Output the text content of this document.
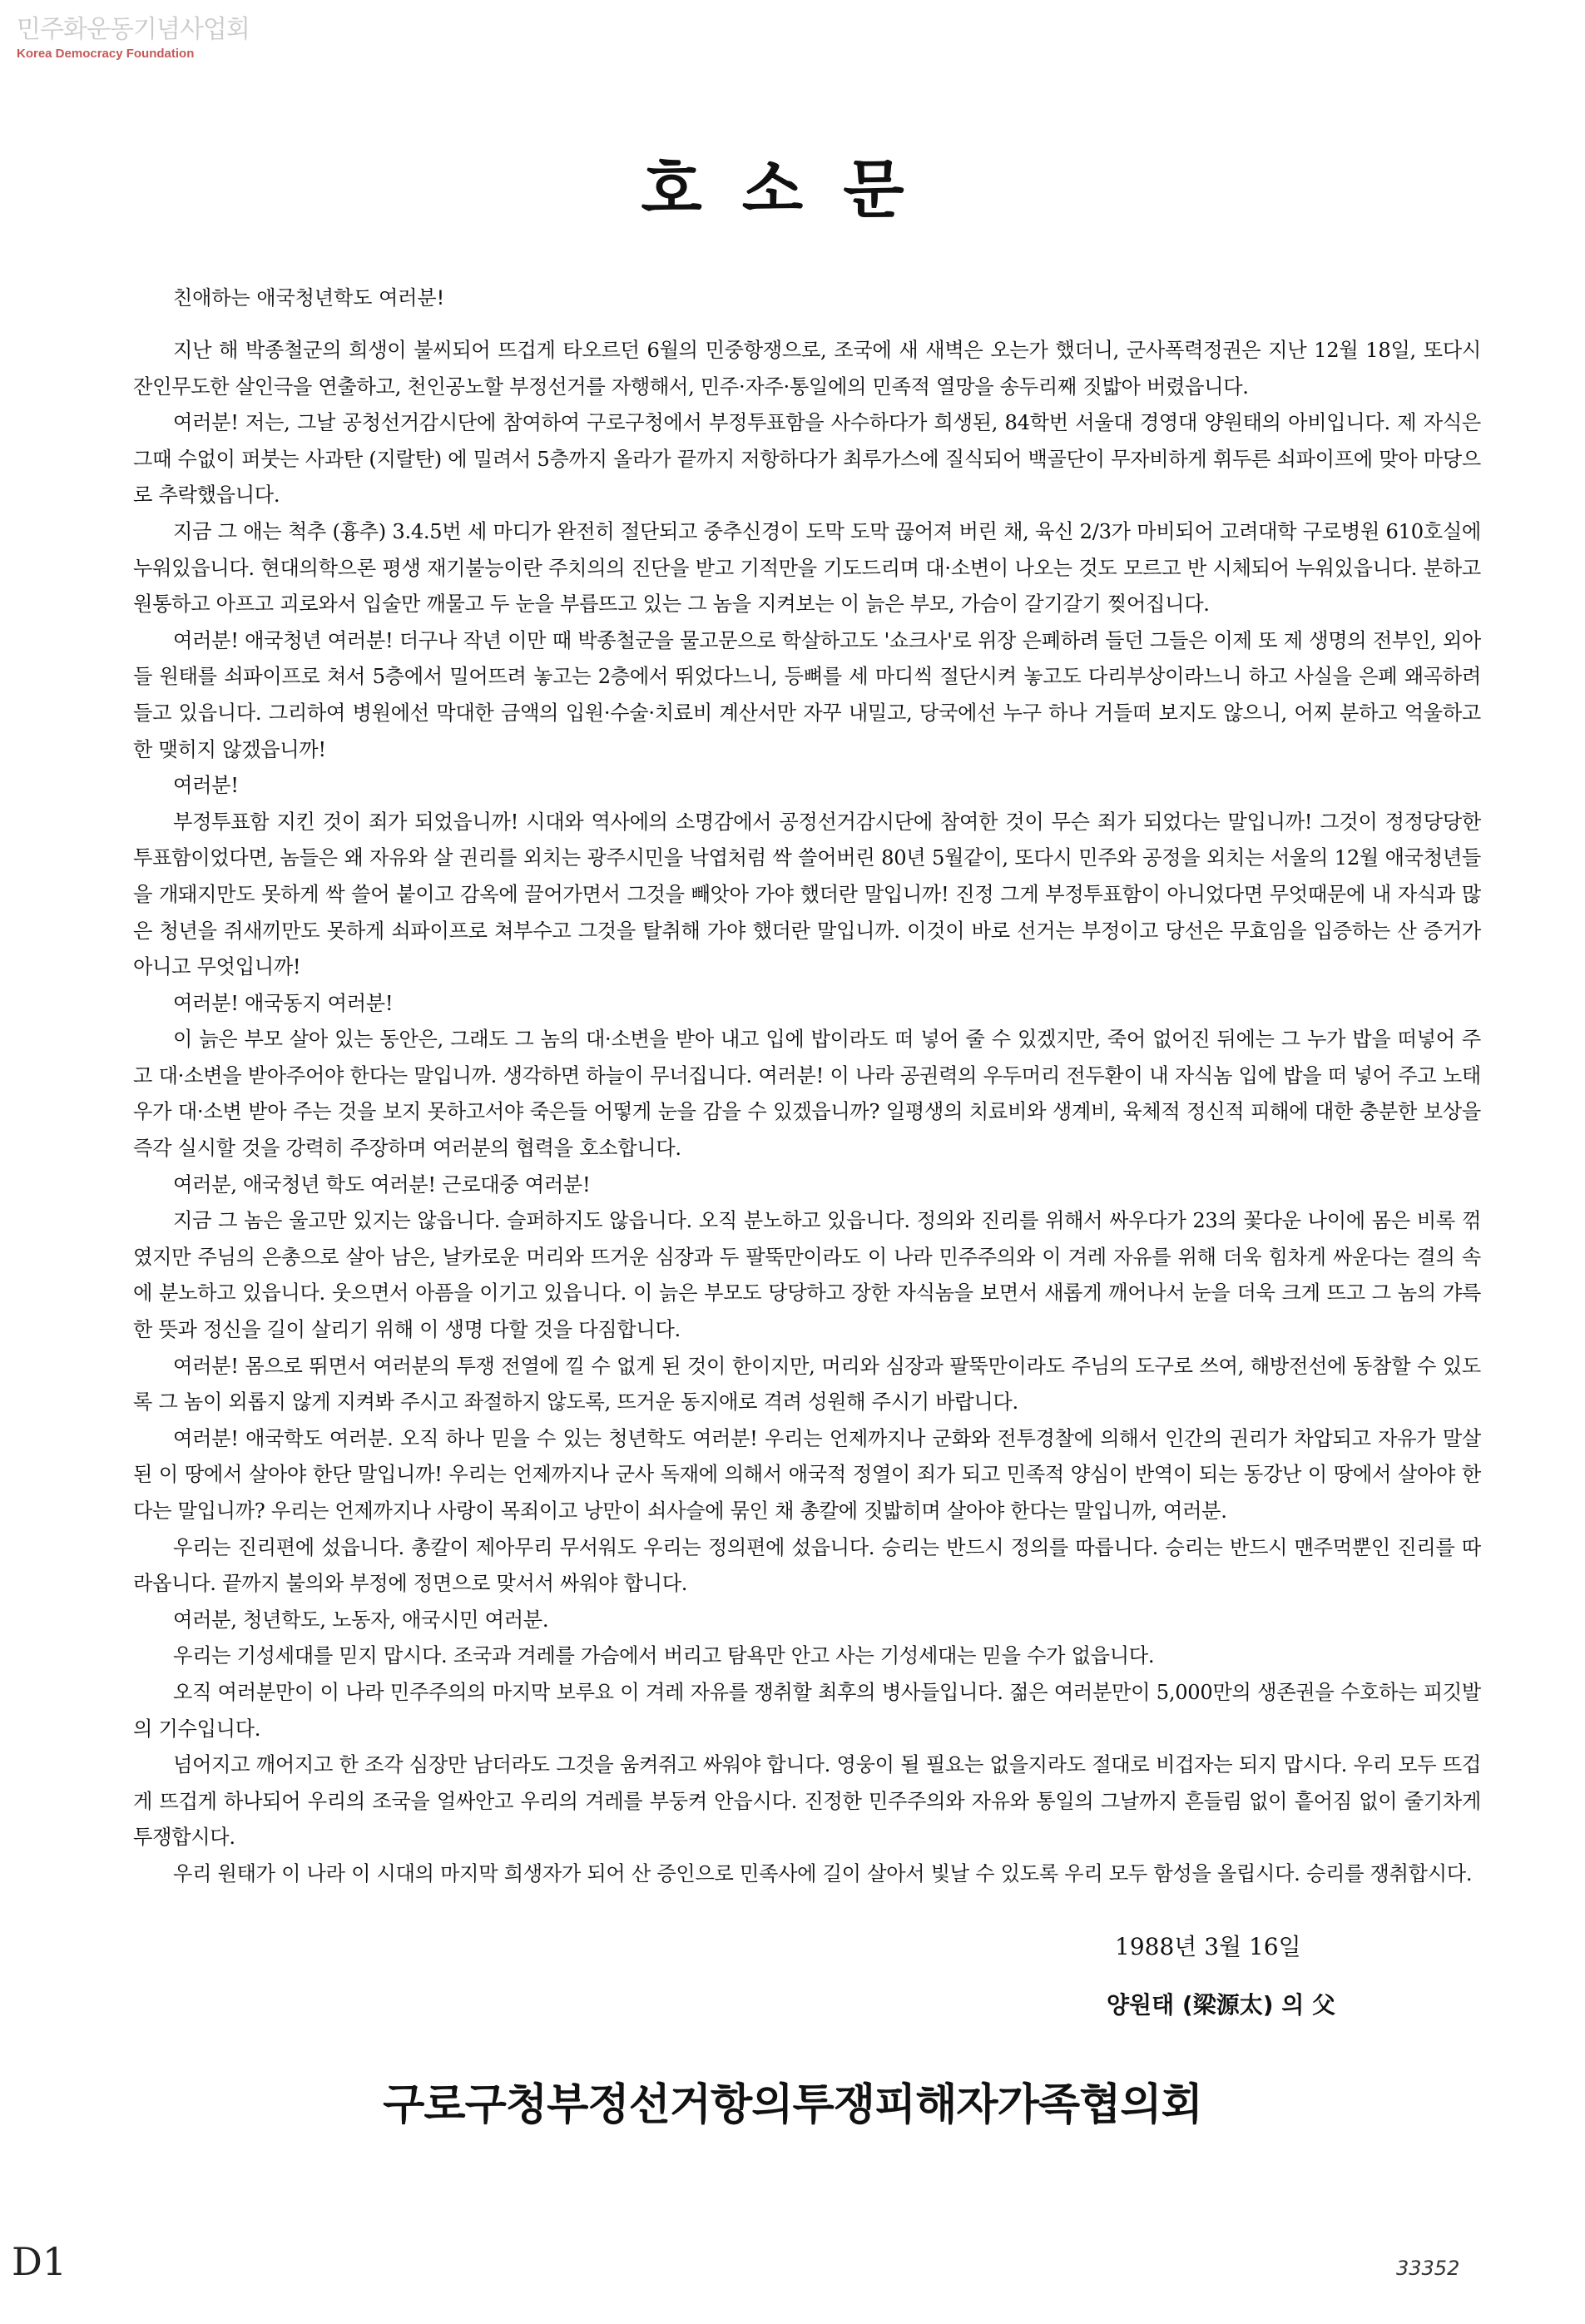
민주화운동기념사업회
Korea Democracy Foundation
호소문
친애하는 애국청년학도 여러분!

지난 해 박종철군의 희생이 불씨되어 뜨겁게 타오르던 6월의 민중항쟁으로, 조국에 새 새벽은 오는가 했더니, 군사폭력정권은 지난 12월 18일, 또다시 잔인무도한 살인극을 연출하고, 천인공노할 부정선거를 자행해서, 민주·자주·통일에의 민족적 열망을 송두리째 짓밟아 버렸읍니다.

여러분! 저는, 그날 공청선거감시단에 참여하여 구로구청에서 부정투표함을 사수하다가 희생된, 84학번 서울대 경영대 양원태의 아비입니다. 제 자식은 그때 수없이 퍼붓는 사과탄 (지랄탄) 에 밀려서 5층까지 올라가 끝까지 저항하다가 최루가스에 질식되어 백골단이 무자비하게 휘두른 쇠파이프에 맞아 마당으로 추락했읍니다.

지금 그 애는 척추 (흉추) 3.4.5번 세 마디가 완전히 절단되고 중추신경이 도막 도막 끊어져 버린 채, 육신 2/3가 마비되어 고려대학 구로병원 610호실에 누워있읍니다. 현대의학으론 평생 재기불능이란 주치의의 진단을 받고 기적만을 기도드리며 대·소변이 나오는 것도 모르고 반 시체되어 누워있읍니다. 분하고 원통하고 아프고 괴로와서 입술만 깨물고 두 눈을 부릅뜨고 있는 그 놈을 지켜보는 이 늙은 부모, 가슴이 갈기갈기 찢어집니다.

여러분! 애국청년 여러분! 더구나 작년 이만 때 박종철군을 물고문으로 학살하고도 '쇼크사'로 위장 은폐하려 들던 그들은 이제 또 제 생명의 전부인, 외아들 원태를 쇠파이프로 쳐서 5층에서 밀어뜨려 놓고는 2층에서 뛰었다느니, 등뼈를 세 마디씩 절단시켜 놓고도 다리부상이라느니 하고 사실을 은폐 왜곡하려 들고 있읍니다. 그리하여 병원에선 막대한 금액의 입원·수술·치료비 계산서만 자꾸 내밀고, 당국에선 누구 하나 거들떠 보지도 않으니, 어찌 분하고 억울하고 한 맺히지 않겠읍니까!

여러분!

부정투표함 지킨 것이 죄가 되었읍니까! 시대와 역사에의 소명감에서 공정선거감시단에 참여한 것이 무슨 죄가 되었다는 말입니까! 그것이 정정당당한 투표함이었다면, 놈들은 왜 자유와 살 권리를 외치는 광주시민을 낙엽처럼 싹 쓸어버린 80년 5월같이, 또다시 민주와 공정을 외치는 서울의 12월 애국청년들을 개돼지만도 못하게 싹 쓸어 붙이고 감옥에 끌어가면서 그것을 빼앗아 가야 했더란 말입니까! 진정 그게 부정투표함이 아니었다면 무엇때문에 내 자식과 많은 청년을 쥐새끼만도 못하게 쇠파이프로 쳐부수고 그것을 탈취해 가야 했더란 말입니까. 이것이 바로 선거는 부정이고 당선은 무효임을 입증하는 산 증거가 아니고 무엇입니까!

여러분! 애국동지 여러분!

이 늙은 부모 살아 있는 동안은, 그래도 그 놈의 대·소변을 받아 내고 입에 밥이라도 떠 넣어 줄 수 있겠지만, 죽어 없어진 뒤에는 그 누가 밥을 떠넣어 주고 대·소변을 받아주어야 한다는 말입니까. 생각하면 하늘이 무너집니다. 여러분! 이 나라 공권력의 우두머리 전두환이 내 자식놈 입에 밥을 떠 넣어 주고 노태우가 대·소변 받아 주는 것을 보지 못하고서야 죽은들 어떻게 눈을 감을 수 있겠읍니까? 일평생의 치료비와 생계비, 육체적 정신적 피해에 대한 충분한 보상을 즉각 실시할 것을 강력히 주장하며 여러분의 협력을 호소합니다.

여러분, 애국청년 학도 여러분! 근로대중 여러분!

지금 그 놈은 울고만 있지는 않읍니다. 슬퍼하지도 않읍니다. 오직 분노하고 있읍니다. 정의와 진리를 위해서 싸우다가 23의 꽃다운 나이에 몸은 비록 꺾였지만 주님의 은총으로 살아 남은, 날카로운 머리와 뜨거운 심장과 두 팔뚝만이라도 이 나라 민주주의와 이 겨레 자유를 위해 더욱 힘차게 싸운다는 결의 속에 분노하고 있읍니다. 웃으면서 아픔을 이기고 있읍니다. 이 늙은 부모도 당당하고 장한 자식놈을 보면서 새롭게 깨어나서 눈을 더욱 크게 뜨고 그 놈의 갸륵한 뜻과 정신을 길이 살리기 위해 이 생명 다할 것을 다짐합니다.

여러분! 몸으로 뛰면서 여러분의 투쟁 전열에 낄 수 없게 된 것이 한이지만, 머리와 심장과 팔뚝만이라도 주님의 도구로 쓰여, 해방전선에 동참할 수 있도록 그 놈이 외롭지 않게 지켜봐 주시고 좌절하지 않도록, 뜨거운 동지애로 격려 성원해 주시기 바랍니다.

여러분! 애국학도 여러분. 오직 하나 믿을 수 있는 청년학도 여러분! 우리는 언제까지나 군화와 전투경찰에 의해서 인간의 권리가 차압되고 자유가 말살된 이 땅에서 살아야 한단 말입니까! 우리는 언제까지나 군사 독재에 의해서 애국적 정열이 죄가 되고 민족적 양심이 반역이 되는 동강난 이 땅에서 살아야 한다는 말입니까? 우리는 언제까지나 사랑이 목죄이고 낭만이 쇠사슬에 묶인 채 총칼에 짓밟히며 살아야 한다는 말입니까, 여러분.

우리는 진리편에 섰읍니다. 총칼이 제아무리 무서워도 우리는 정의편에 섰읍니다. 승리는 반드시 정의를 따릅니다. 승리는 반드시 맨주먹뿐인 진리를 따라옵니다. 끝까지 불의와 부정에 정면으로 맞서서 싸워야 합니다.

여러분, 청년학도, 노동자, 애국시민 여러분.

우리는 기성세대를 믿지 맙시다. 조국과 겨레를 가슴에서 버리고 탐욕만 안고 사는 기성세대는 믿을 수가 없읍니다.

오직 여러분만이 이 나라 민주주의의 마지막 보루요 이 겨레 자유를 쟁취할 최후의 병사들입니다. 젊은 여러분만이 5,000만의 생존권을 수호하는 피깃발의 기수입니다.

넘어지고 깨어지고 한 조각 심장만 남더라도 그것을 움켜쥐고 싸워야 합니다. 영웅이 될 필요는 없을지라도 절대로 비겁자는 되지 맙시다. 우리 모두 뜨겁게 뜨겁게 하나되어 우리의 조국을 얼싸안고 우리의 겨레를 부둥켜 안읍시다. 진정한 민주주의와 자유와 통일의 그날까지 흔들림 없이 흩어짐 없이 줄기차게 투쟁합시다.

우리 원태가 이 나라 이 시대의 마지막 희생자가 되어 산 증인으로 민족사에 길이 살아서 빛날 수 있도록 우리 모두 함성을 올립시다. 승리를 쟁취합시다.

1988년 3월 16일
양원태 (梁源太) 의 父
구로구청부정선거항의투쟁피해자가족협의회
D1	33352
